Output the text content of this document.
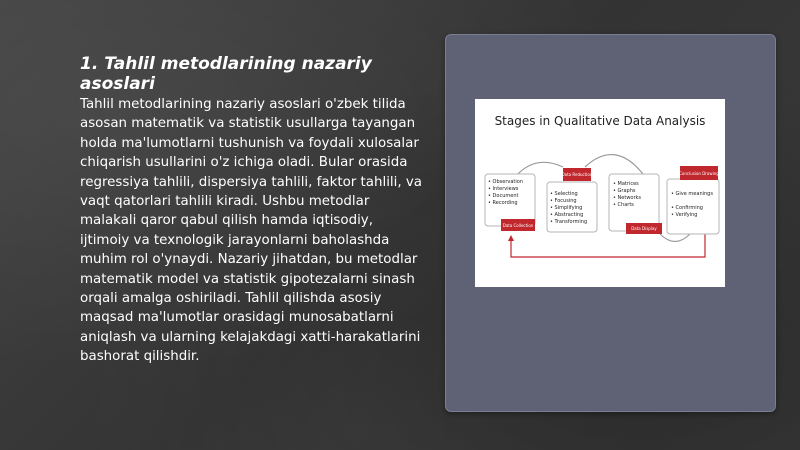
1. Tahlil metodlarining nazariy asoslari

Tahlil metodlarining nazariy asoslari o'zbek tilida asosan matematik va statistik usullarga tayangan holda ma'lumotlarni tushunish va foydali xulosalar chiqarish usullarini o'z ichiga oladi. Bular orasida regressiya tahlili, dispersiya tahlili, faktor tahlili, va vaqt qatorlari tahlili kiradi. Ushbu metodlar malakali qaror qabul qilish hamda iqtisodiy, ijtimoiy va texnologik jarayonlarni baholashda muhim rol o'ynaydi. Nazariy jihatdan, bu metodlar matematik model va statistik gipotezalarni sinash orqali amalga oshiriladi. Tahlil qilishda asosiy maqsad ma'lumotlar orasidagi munosabatlarni aniqlash va ularning kelajakdagi xatti-harakatlarini bashorat qilishdir.

Stages in Qualitative Data Analysis
• Observation
• Interviews
• Document
• Recording
• Selecting
• Focusing
• Simplifying
• Abstracting
• Transforming
• Matrices
• Graphs
• Networks
• Charts
• Give meanings
• Confirming
• Verifying
Data Reduction
Data Collection
Data Display
Conclusion Drawing
